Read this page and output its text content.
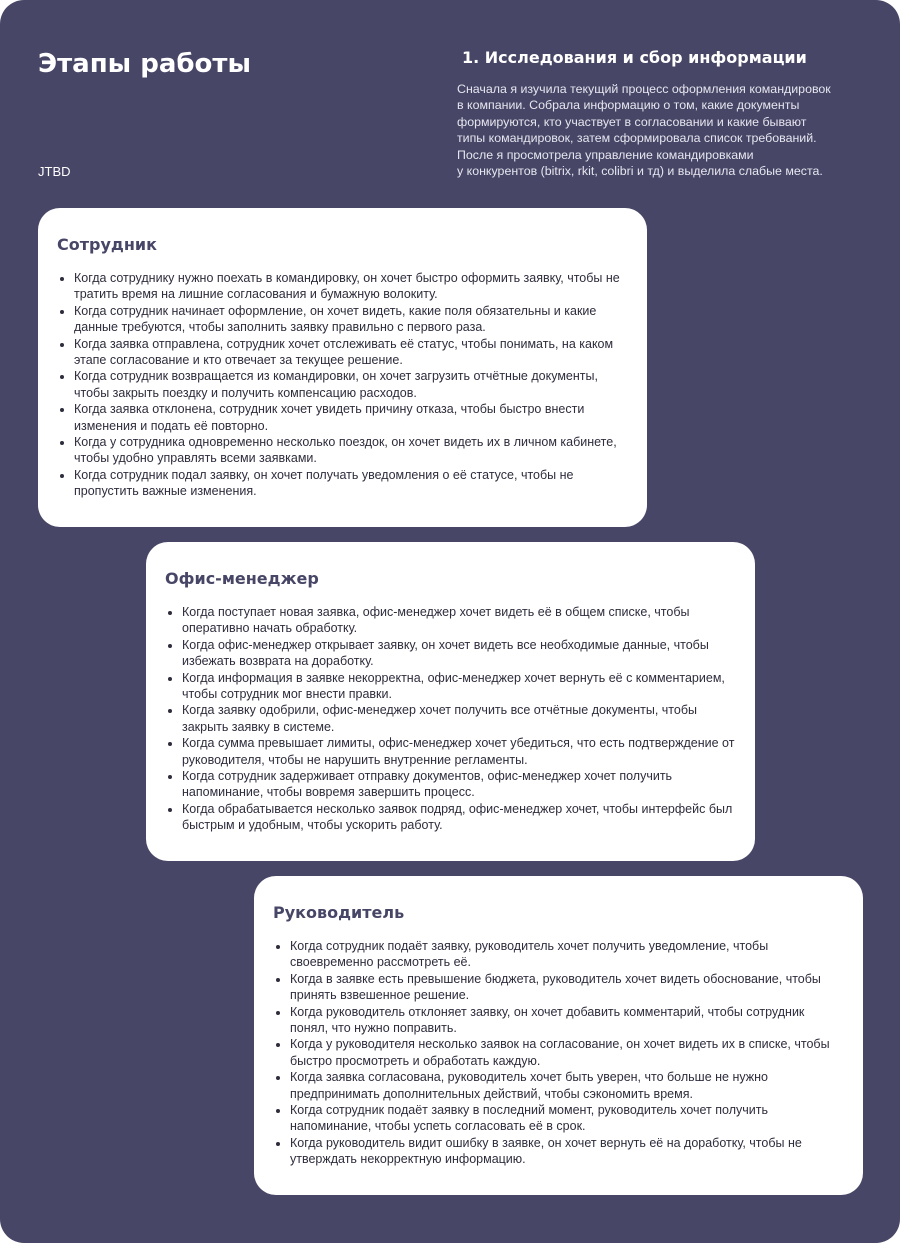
Этапы работы
JTBD
1. Исследования и сбор информации

Сначала я изучила текущий процесс оформления командировок
в компании. Собрала информацию о том, какие документы
формируются, кто участвует в согласовании и какие бывают
типы командировок, затем сформировала список требований.
После я просмотрела управление командировками
у конкурентов (bitrix, rkit, colibri и тд) и выделила слабые места.

Сотрудник
• Когда сотруднику нужно поехать в командировку, он хочет быстро оформить заявку, чтобы не тратить время на лишние согласования и бумажную волокиту.
• Когда сотрудник начинает оформление, он хочет видеть, какие поля обязательны и какие данные требуются, чтобы заполнить заявку правильно с первого раза.
• Когда заявка отправлена, сотрудник хочет отслеживать её статус, чтобы понимать, на каком этапе согласование и кто отвечает за текущее решение.
• Когда сотрудник возвращается из командировки, он хочет загрузить отчётные документы, чтобы закрыть поездку и получить компенсацию расходов.
• Когда заявка отклонена, сотрудник хочет увидеть причину отказа, чтобы быстро внести изменения и подать её повторно.
• Когда у сотрудника одновременно несколько поездок, он хочет видеть их в личном кабинете, чтобы удобно управлять всеми заявками.
• Когда сотрудник подал заявку, он хочет получать уведомления о её статусе, чтобы не пропустить важные изменения.
Офис-менеджер
• Когда поступает новая заявка, офис-менеджер хочет видеть её в общем списке, чтобы оперативно начать обработку.
• Когда офис-менеджер открывает заявку, он хочет видеть все необходимые данные, чтобы избежать возврата на доработку.
• Когда информация в заявке некорректна, офис-менеджер хочет вернуть её с комментарием, чтобы сотрудник мог внести правки.
• Когда заявку одобрили, офис-менеджер хочет получить все отчётные документы, чтобы закрыть заявку в системе.
• Когда сумма превышает лимиты, офис-менеджер хочет убедиться, что есть подтверждение от руководителя, чтобы не нарушить внутренние регламенты.
• Когда сотрудник задерживает отправку документов, офис-менеджер хочет получить напоминание, чтобы вовремя завершить процесс.
• Когда обрабатывается несколько заявок подряд, офис-менеджер хочет, чтобы интерфейс был быстрым и удобным, чтобы ускорить работу.
Руководитель
• Когда сотрудник подаёт заявку, руководитель хочет получить уведомление, чтобы своевременно рассмотреть её.
• Когда в заявке есть превышение бюджета, руководитель хочет видеть обоснование, чтобы принять взвешенное решение.
• Когда руководитель отклоняет заявку, он хочет добавить комментарий, чтобы сотрудник понял, что нужно поправить.
• Когда у руководителя несколько заявок на согласование, он хочет видеть их в списке, чтобы быстро просмотреть и обработать каждую.
• Когда заявка согласована, руководитель хочет быть уверен, что больше не нужно предпринимать дополнительных действий, чтобы сэкономить время.
• Когда сотрудник подаёт заявку в последний момент, руководитель хочет получить напоминание, чтобы успеть согласовать её в срок.
• Когда руководитель видит ошибку в заявке, он хочет вернуть её на доработку, чтобы не утверждать некорректную информацию.
